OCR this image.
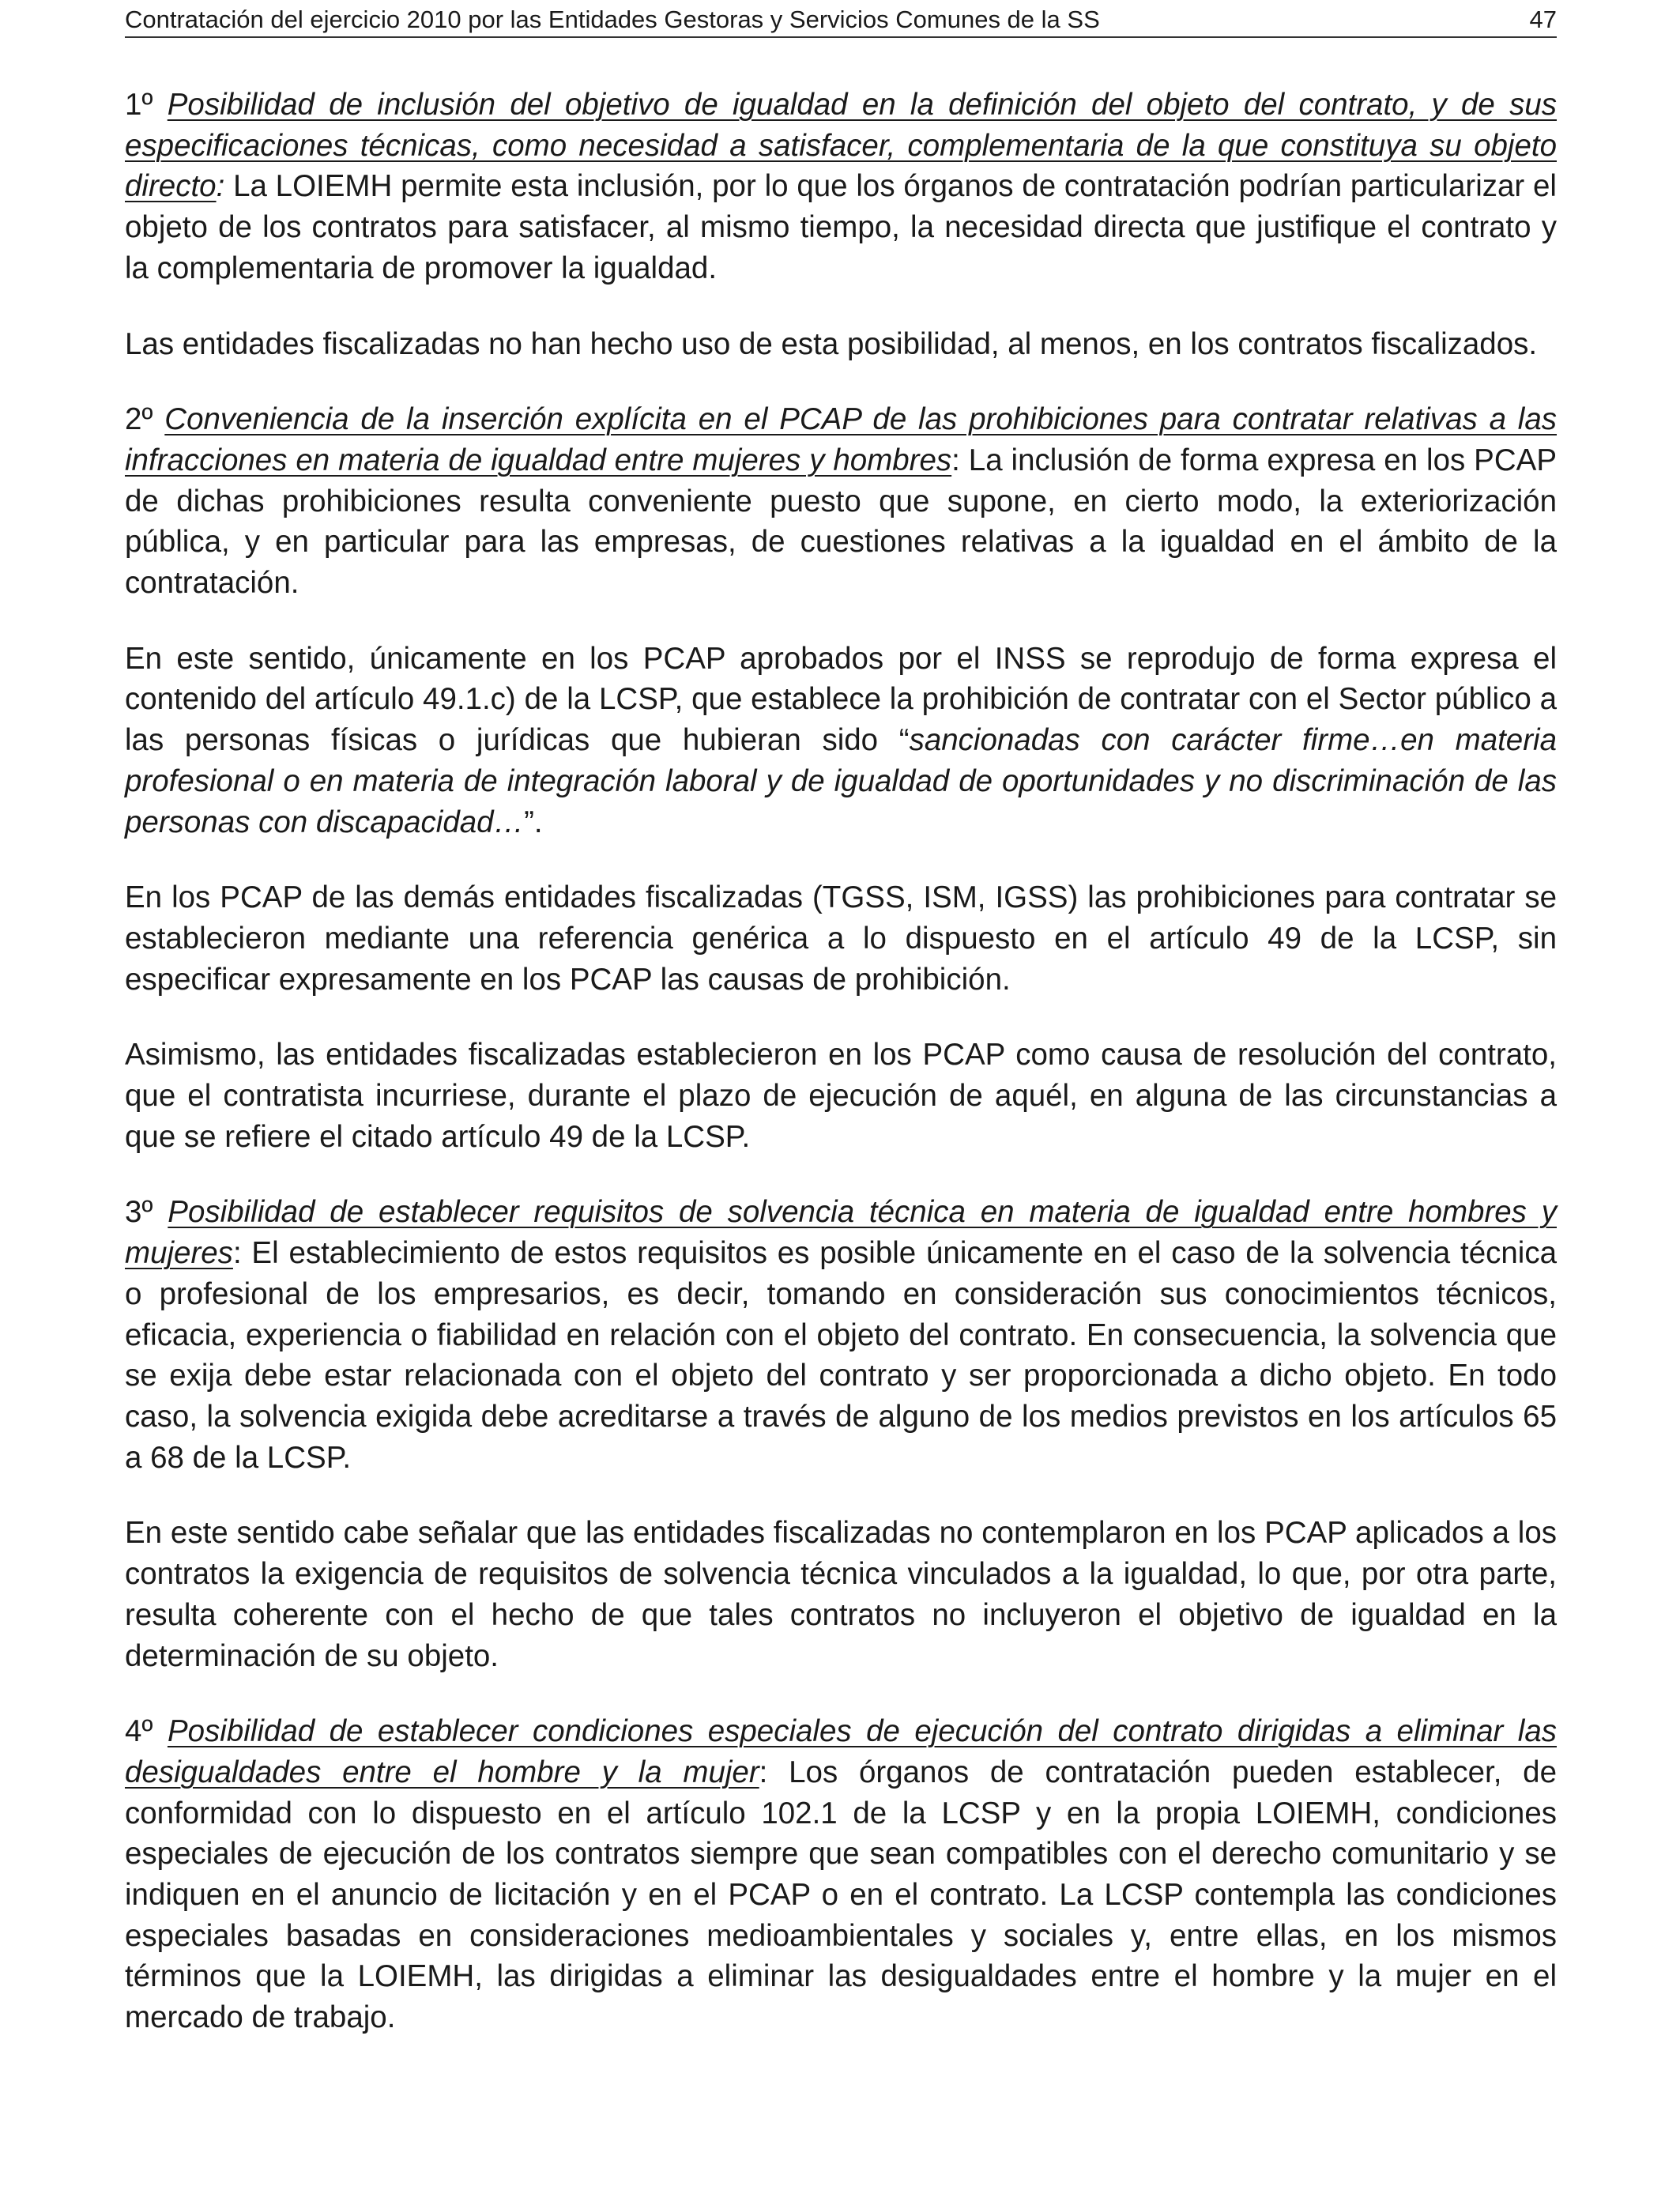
Contratación del ejercicio 2010 por las Entidades Gestoras y Servicios Comunes de la SS	47

1º Posibilidad de inclusión del objetivo de igualdad en la definición del objeto del contrato, y de sus especificaciones técnicas, como necesidad a satisfacer, complementaria de la que constituya su objeto directo: La LOIEMH permite esta inclusión, por lo que los órganos de contratación podrían particularizar el objeto de los contratos para satisfacer, al mismo tiempo, la necesidad directa que justifique el contrato y la complementaria de promover la igualdad.

Las entidades fiscalizadas no han hecho uso de esta posibilidad, al menos, en los contratos fiscalizados.

2º Conveniencia de la inserción explícita en el PCAP de las prohibiciones para contratar relativas a las infracciones en materia de igualdad entre mujeres y hombres: La inclusión de forma expresa en los PCAP de dichas prohibiciones resulta conveniente puesto que supone, en cierto modo, la exteriorización pública, y en particular para las empresas, de cuestiones relativas a la igualdad en el ámbito de la contratación.

En este sentido, únicamente en los PCAP aprobados por el INSS se reprodujo de forma expresa el contenido del artículo 49.1.c) de la LCSP, que establece la prohibición de contratar con el Sector público a las personas físicas o jurídicas que hubieran sido “sancionadas con carácter firme…en materia profesional o en materia de integración laboral y de igualdad de oportunidades y no discriminación de las personas con discapacidad…”.

En los PCAP de las demás entidades fiscalizadas (TGSS, ISM, IGSS) las prohibiciones para contratar se establecieron mediante una referencia genérica a lo dispuesto en el artículo 49 de la LCSP, sin especificar expresamente en los PCAP las causas de prohibición.

Asimismo, las entidades fiscalizadas establecieron en los PCAP como causa de resolución del contrato, que el contratista incurriese, durante el plazo de ejecución de aquél, en alguna de las circunstancias a que se refiere el citado artículo 49 de la LCSP.

3º Posibilidad de establecer requisitos de solvencia técnica en materia de igualdad entre hombres y mujeres: El establecimiento de estos requisitos es posible únicamente en el caso de la solvencia técnica o profesional de los empresarios, es decir, tomando en consideración sus conocimientos técnicos, eficacia, experiencia o fiabilidad en relación con el objeto del contrato. En consecuencia, la solvencia que se exija debe estar relacionada con el objeto del contrato y ser proporcionada a dicho objeto. En todo caso, la solvencia exigida debe acreditarse a través de alguno de los medios previstos en los artículos 65 a 68 de la LCSP.

En este sentido cabe señalar que las entidades fiscalizadas no contemplaron en los PCAP aplicados a los contratos la exigencia de requisitos de solvencia técnica vinculados a la igualdad, lo que, por otra parte, resulta coherente con el hecho de que tales contratos no incluyeron el objetivo de igualdad en la determinación de su objeto.

4º Posibilidad de establecer condiciones especiales de ejecución del contrato dirigidas a eliminar las desigualdades entre el hombre y la mujer: Los órganos de contratación pueden establecer, de conformidad con lo dispuesto en el artículo 102.1 de la LCSP y en la propia LOIEMH, condiciones especiales de ejecución de los contratos siempre que sean compatibles con el derecho comunitario y se indiquen en el anuncio de licitación y en el PCAP o en el contrato. La LCSP contempla las condiciones especiales basadas en consideraciones medioambientales y sociales y, entre ellas, en los mismos términos que la LOIEMH, las dirigidas a eliminar las desigualdades entre el hombre y la mujer en el mercado de trabajo.
